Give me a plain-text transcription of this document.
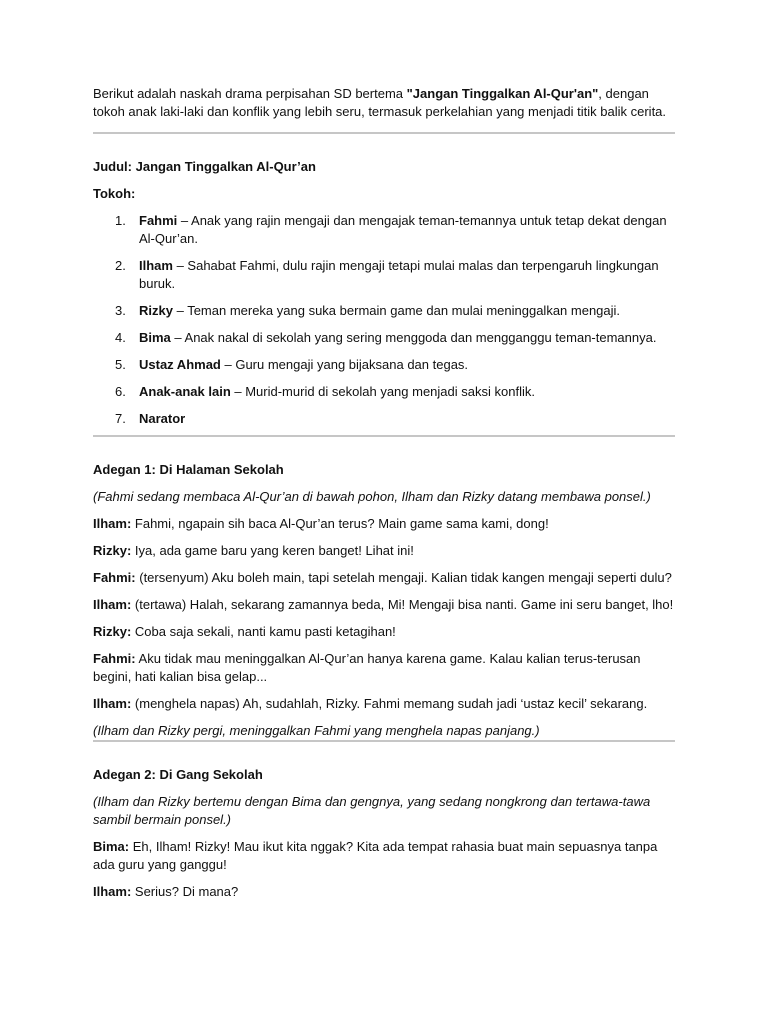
Berikut adalah naskah drama perpisahan SD bertema "Jangan Tinggalkan Al-Qur'an", dengan tokoh anak laki-laki dan konflik yang lebih seru, termasuk perkelahian yang menjadi titik balik cerita.

Judul: Jangan Tinggalkan Al-Qur’an

Tokoh:

1. Fahmi – Anak yang rajin mengaji dan mengajak teman-temannya untuk tetap dekat dengan Al-Qur’an.
2. Ilham – Sahabat Fahmi, dulu rajin mengaji tetapi mulai malas dan terpengaruh lingkungan buruk.
3. Rizky – Teman mereka yang suka bermain game dan mulai meninggalkan mengaji.
4. Bima – Anak nakal di sekolah yang sering menggoda dan mengganggu teman-temannya.
5. Ustaz Ahmad – Guru mengaji yang bijaksana dan tegas.
6. Anak-anak lain – Murid-murid di sekolah yang menjadi saksi konflik.
7. Narator

Adegan 1: Di Halaman Sekolah

(Fahmi sedang membaca Al-Qur’an di bawah pohon, Ilham dan Rizky datang membawa ponsel.)

Ilham: Fahmi, ngapain sih baca Al-Qur’an terus? Main game sama kami, dong!

Rizky: Iya, ada game baru yang keren banget! Lihat ini!

Fahmi: (tersenyum) Aku boleh main, tapi setelah mengaji. Kalian tidak kangen mengaji seperti dulu?

Ilham: (tertawa) Halah, sekarang zamannya beda, Mi! Mengaji bisa nanti. Game ini seru banget, lho!

Rizky: Coba saja sekali, nanti kamu pasti ketagihan!

Fahmi: Aku tidak mau meninggalkan Al-Qur’an hanya karena game. Kalau kalian terus-terusan begini, hati kalian bisa gelap...

Ilham: (menghela napas) Ah, sudahlah, Rizky. Fahmi memang sudah jadi ‘ustaz kecil’ sekarang.

(Ilham dan Rizky pergi, meninggalkan Fahmi yang menghela napas panjang.)

Adegan 2: Di Gang Sekolah

(Ilham dan Rizky bertemu dengan Bima dan gengnya, yang sedang nongkrong dan tertawa-tawa sambil bermain ponsel.)

Bima: Eh, Ilham! Rizky! Mau ikut kita nggak? Kita ada tempat rahasia buat main sepuasnya tanpa ada guru yang ganggu!

Ilham: Serius? Di mana?
